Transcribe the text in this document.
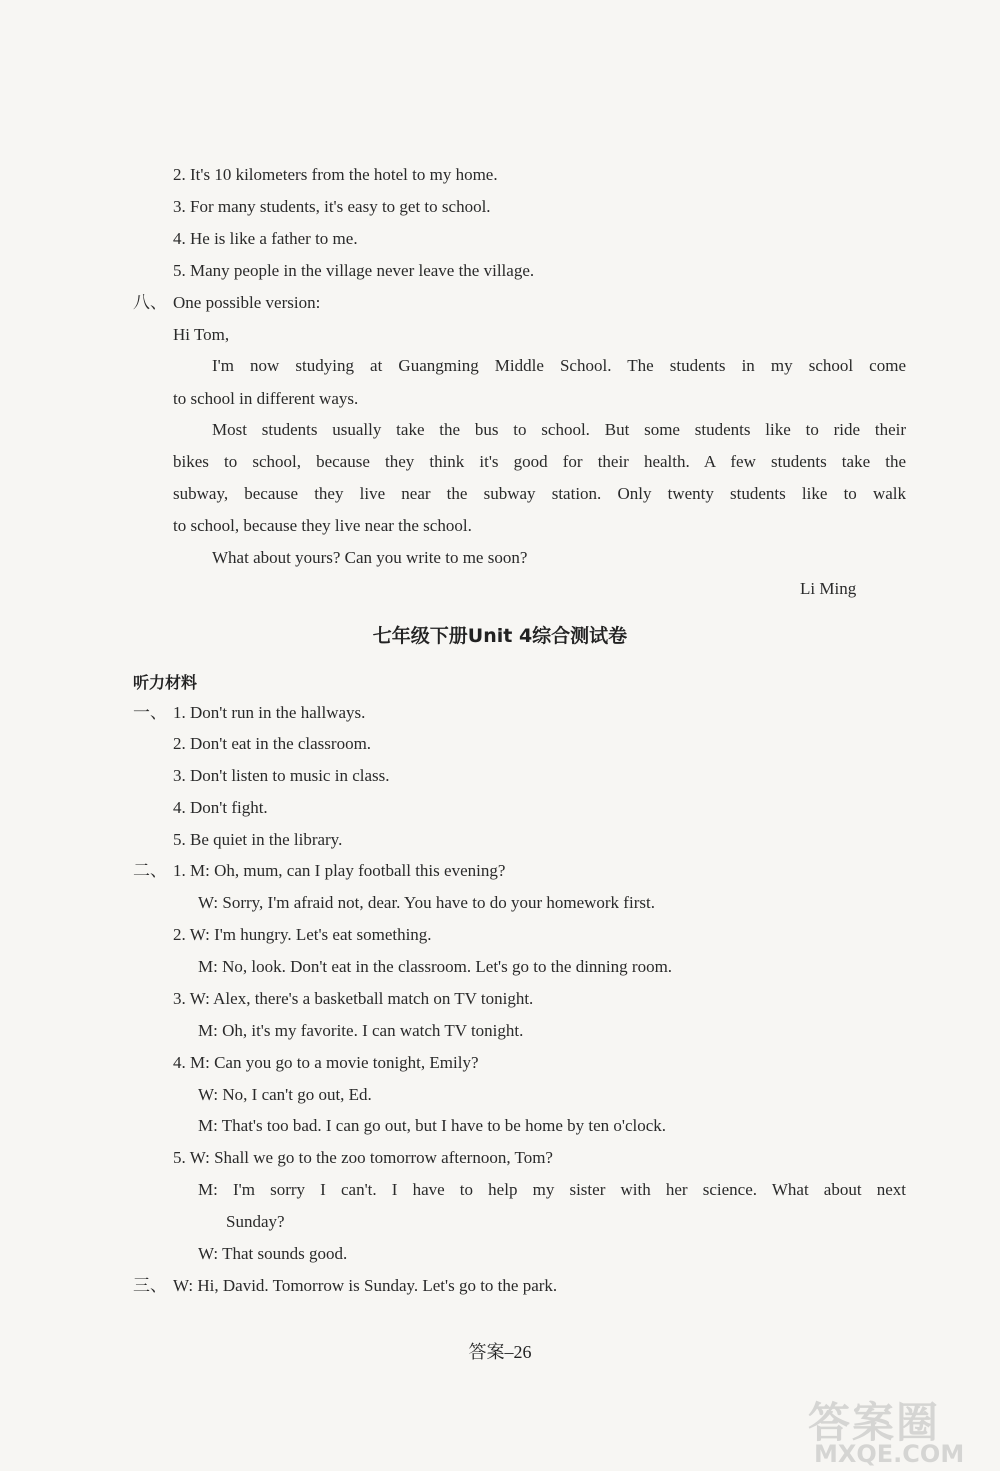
2. It's 10 kilometers from the hotel to my home.
3. For many students, it's easy to get to school.
4. He is like a father to me.
5. Many people in the village never leave the village.
八、 One possible version:
Hi Tom,
I'm now studying at Guangming Middle School. The students in my school come
to school in different ways.
Most students usually take the bus to school. But some students like to ride their
bikes to school, because they think it's good for their health. A few students take the
subway, because they live near the subway station. Only twenty students like to walk
to school, because they live near the school.
What about yours? Can you write to me soon?
Li Ming
七年级下册Unit 4综合测试卷
听力材料
一、 1. Don't run in the hallways.
2. Don't eat in the classroom.
3. Don't listen to music in class.
4. Don't fight.
5. Be quiet in the library.
二、 1. M: Oh, mum, can I play football this evening?
W: Sorry, I'm afraid not, dear. You have to do your homework first.
2. W: I'm hungry. Let's eat something.
M: No, look. Don't eat in the classroom. Let's go to the dinning room.
3. W: Alex, there's a basketball match on TV tonight.
M: Oh, it's my favorite. I can watch TV tonight.
4. M: Can you go to a movie tonight, Emily?
W: No, I can't go out, Ed.
M: That's too bad. I can go out, but I have to be home by ten o'clock.
5. W: Shall we go to the zoo tomorrow afternoon, Tom?
M: I'm sorry I can't. I have to help my sister with her science. What about next
Sunday?
W: That sounds good.
三、 W: Hi, David. Tomorrow is Sunday. Let's go to the park.
答案–26
答案圈
MXQE.COM
